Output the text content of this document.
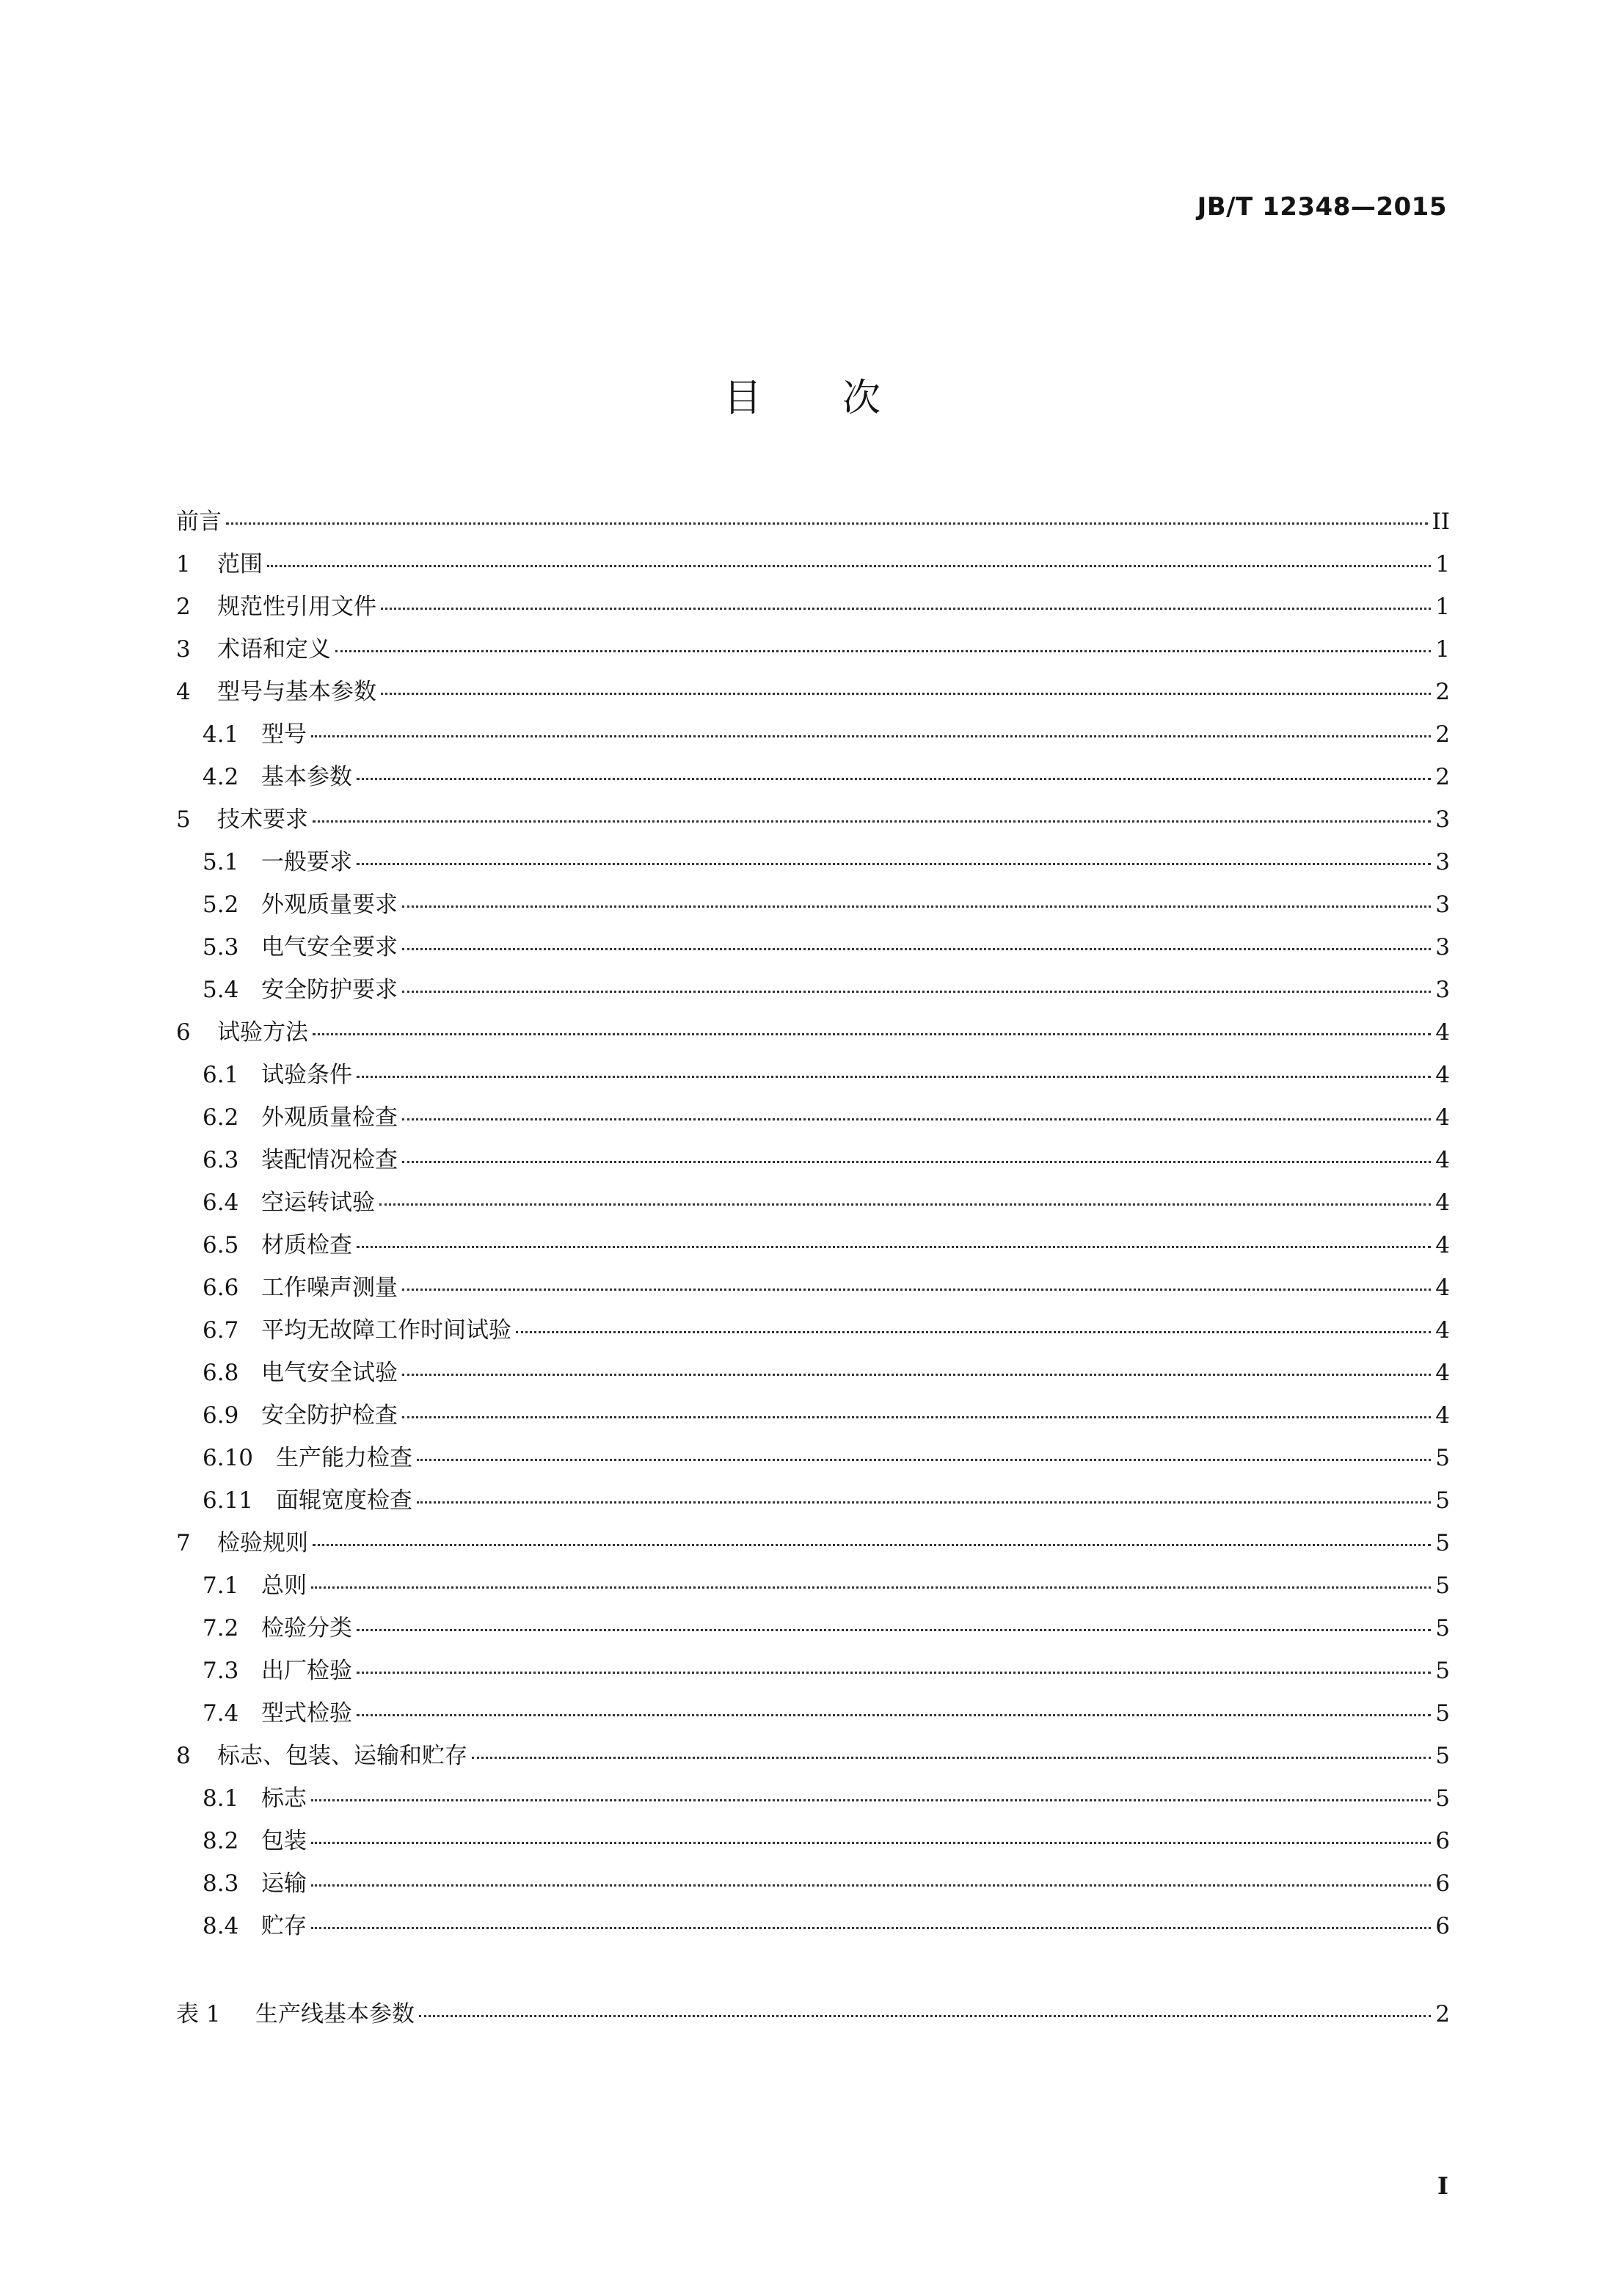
JB/T 12348—2015
目次
前言	II
1	范围	1
2	规范性引用文件	1
3	术语和定义	1
4	型号与基本参数	2
4.1 型号	2
4.2 基本参数	2
5	技术要求	3
5.1 一般要求	3
5.2 外观质量要求	3
5.3 电气安全要求	3
5.4 安全防护要求	3
6	试验方法	4
6.1 试验条件	4
6.2 外观质量检查	4
6.3 装配情况检查	4
6.4 空运转试验	4
6.5 材质检查	4
6.6 工作噪声测量	4
6.7 平均无故障工作时间试验	4
6.8 电气安全试验	4
6.9 安全防护检查	4
6.10 生产能力检查	5
6.11 面辊宽度检查	5
7	检验规则	5
7.1 总则	5
7.2 检验分类	5
7.3 出厂检验	5
7.4 型式检验	5
8	标志、包装、运输和贮存	5
8.1 标志	5
8.2 包装	6
8.3 运输	6
8.4 贮存	6
表 1	生产线基本参数	2
I
